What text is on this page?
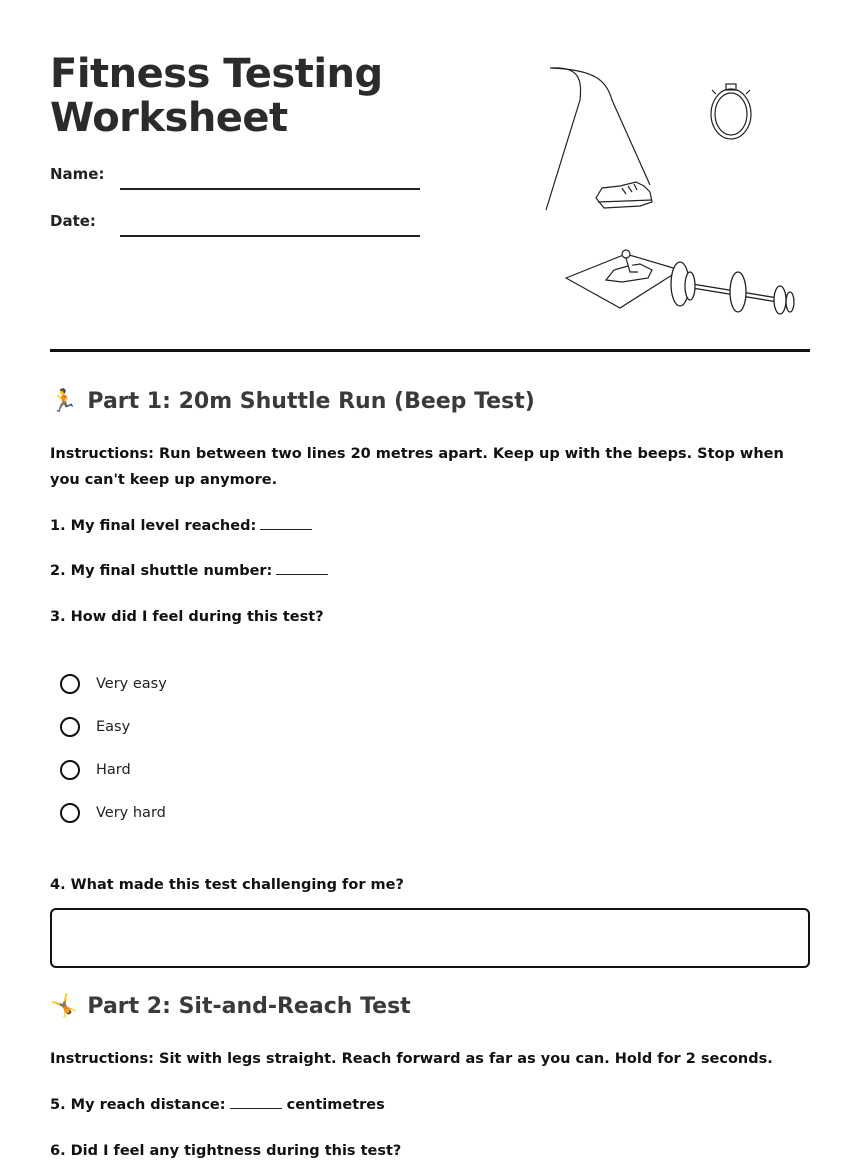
Fitness Testing
Worksheet
Name:
Date:
🏃 Part 1: 20m Shuttle Run (Beep Test)

Instructions: Run between two lines 20 metres apart. Keep up with the beeps. Stop when you can't keep up anymore.

1. My final level reached:

2. My final shuttle number:

3. How did I feel during this test?

Very easy
Easy
Hard
Very hard

4. What made this test challenging for me?

🤸 Part 2: Sit-and-Reach Test

Instructions: Sit with legs straight. Reach forward as far as you can. Hold for 2 seconds.

5. My reach distance:	centimetres

6. Did I feel any tightness during this test?
